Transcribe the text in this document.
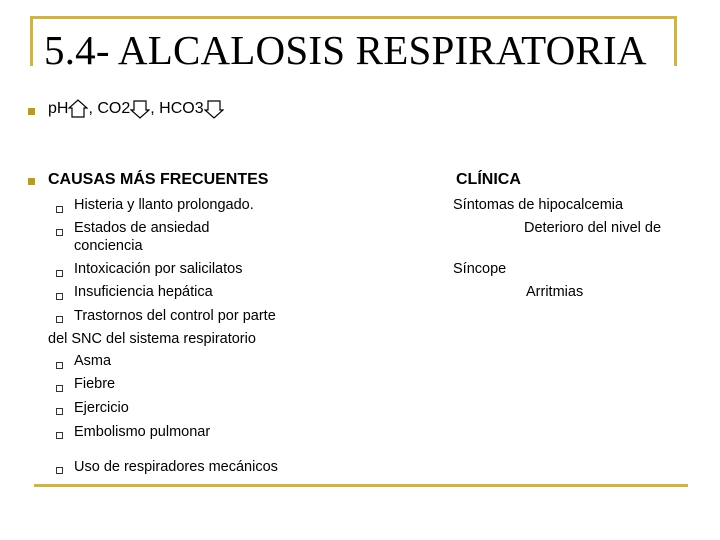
5.4- ALCALOSIS RESPIRATORIA
pH , CO2 , HCO3
CAUSAS MÁS FRECUENTES	CLÍNICA
Histeria y llanto prolongado.
Estados de ansiedad
conciencia
Intoxicación por salicilatos
Insuficiencia hepática
Trastornos del control por parte
del SNC del sistema respiratorio
Asma
Fiebre
Ejercicio
Embolismo pulmonar
Uso de respiradores mecánicos
Síntomas de hipocalcemia
Deterioro del nivel de
Síncope
Arritmias
